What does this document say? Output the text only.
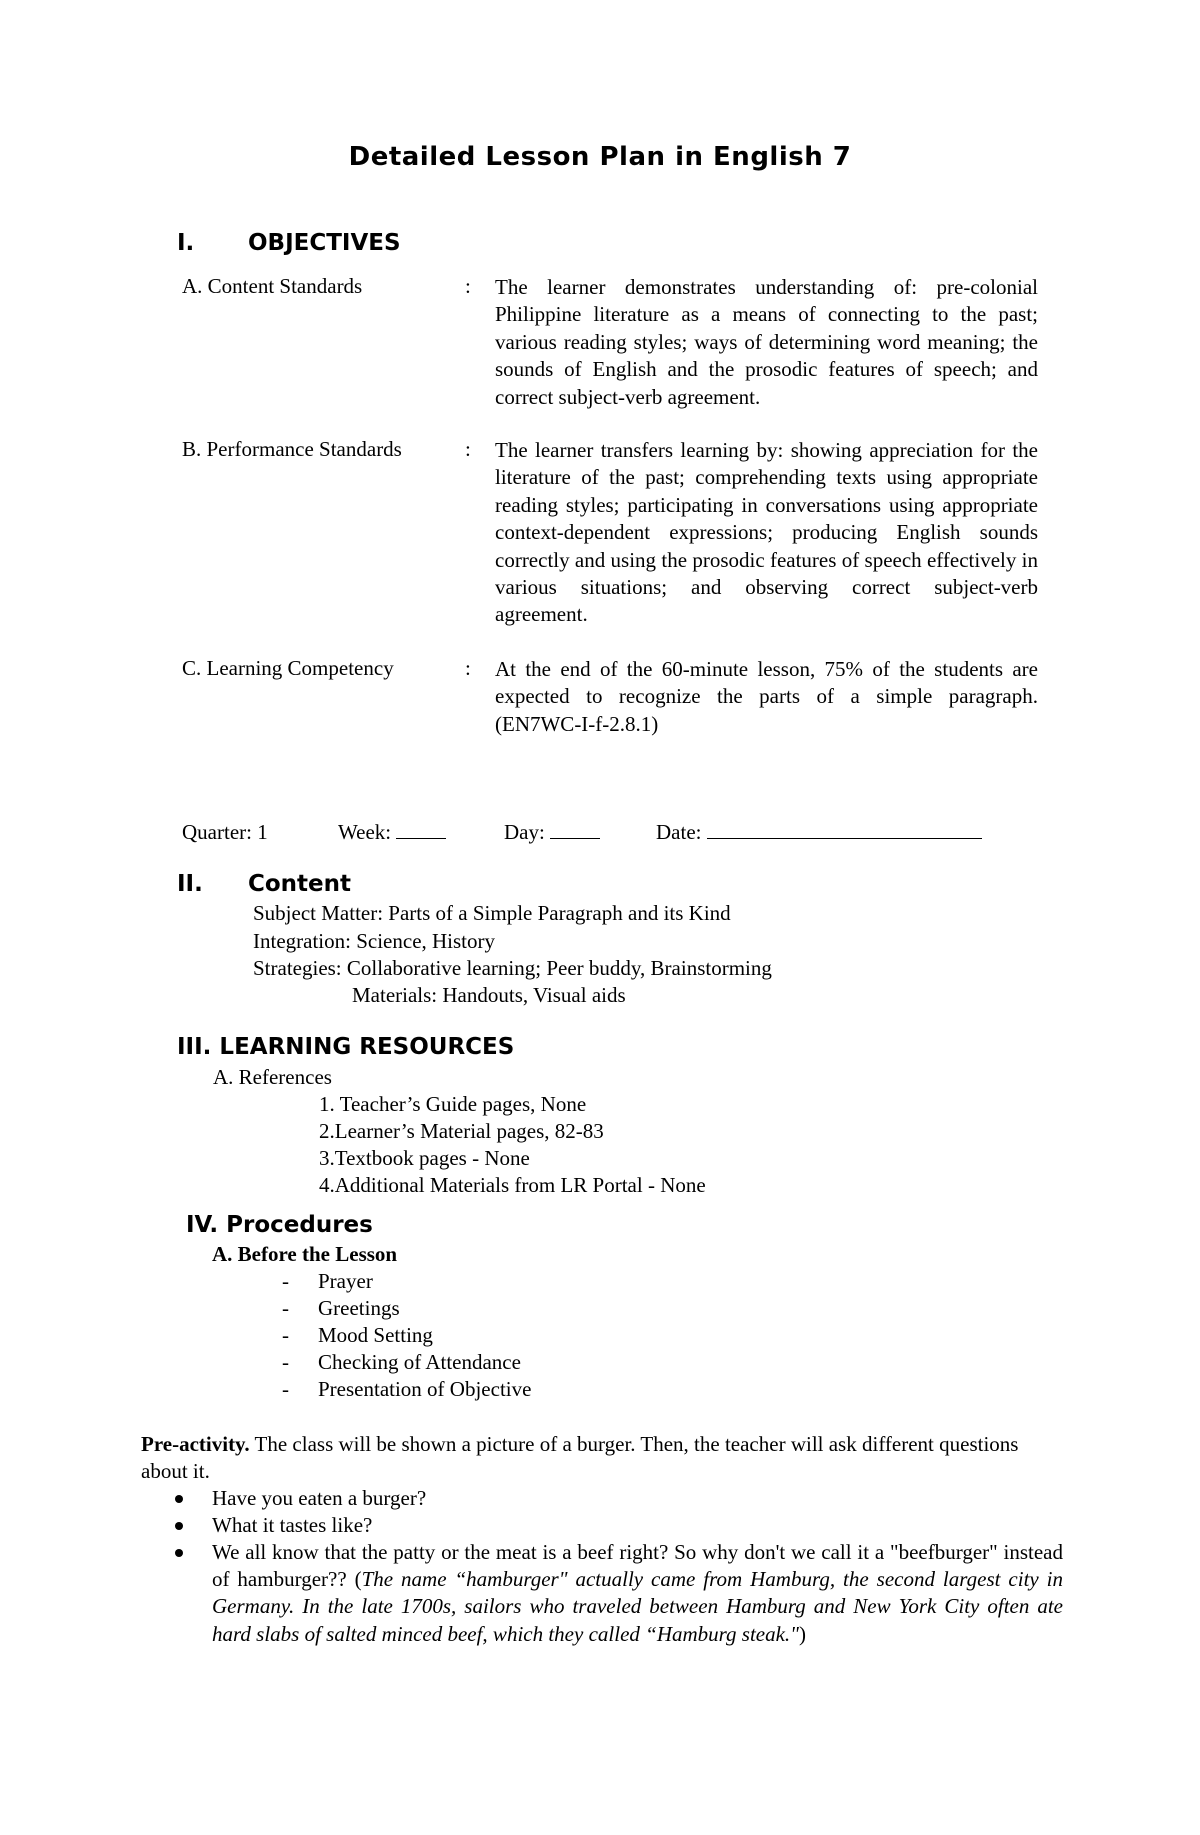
Detailed Lesson Plan in English 7
I. OBJECTIVES
A. Content Standards	: The learner demonstrates understanding of: pre-colonial Philippine literature as a means of connecting to the past; various reading styles; ways of determining word meaning; the sounds of English and the prosodic features of speech; and correct subject-verb agreement.
B. Performance Standards	: The learner transfers learning by: showing appreciation for the literature of the past; comprehending texts using appropriate reading styles; participating in conversations using appropriate context-dependent expressions; producing English sounds correctly and using the prosodic features of speech effectively in various situations; and observing correct subject-verb agreement.
C. Learning Competency	: At the end of the 60-minute lesson, 75% of the students are expected to recognize the parts of a simple paragraph. (EN7WC-I-f-2.8.1)
Quarter: 1	Week:	Day:	Date:
II. Content
Subject Matter: Parts of a Simple Paragraph and its Kind
Integration: Science, History
Strategies: Collaborative learning; Peer buddy, Brainstorming
Materials: Handouts, Visual aids
III. LEARNING RESOURCES
A. References
1. Teacher’s Guide pages, None
2.Learner’s Material pages, 82-83
3.Textbook pages - None
4.Additional Materials from LR Portal - None
IV. Procedures
A. Before the Lesson
- Prayer
- Greetings
- Mood Setting
- Checking of Attendance
- Presentation of Objective
Pre-activity. The class will be shown a picture of a burger. Then, the teacher will ask different questions about it.
Have you eaten a burger?
What it tastes like?
We all know that the patty or the meat is a beef right? So why don't we call it a "beefburger" instead of hamburger?? (The name “hamburger" actually came from Hamburg, the second largest city in Germany. In the late 1700s, sailors who traveled between Hamburg and New York City often ate hard slabs of salted minced beef, which they called “Hamburg steak.")
